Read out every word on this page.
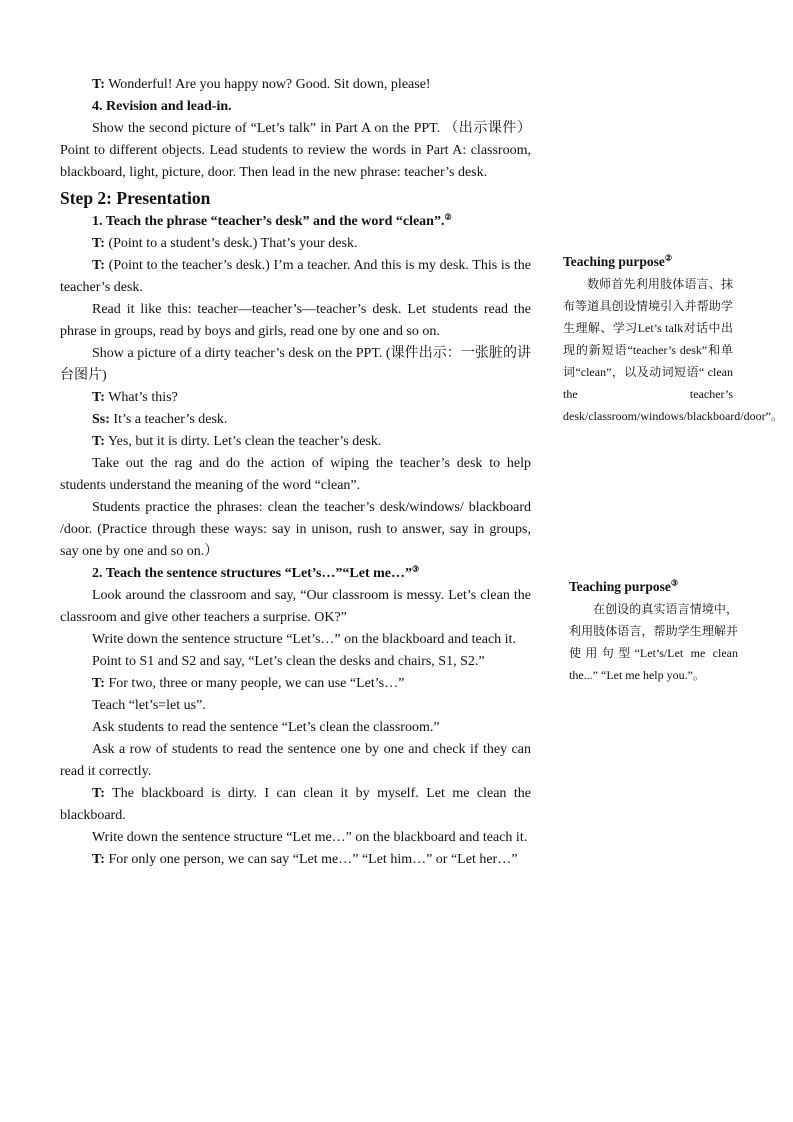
T: Wonderful! Are you happy now? Good. Sit down, please!

4. Revision and lead-in.

Show the second picture of “Let’s talk” in Part A on the PPT. （出示课件） Point to different objects. Lead students to review the words in Part A: classroom, blackboard, light, picture, door. Then lead in the new phrase: teacher’s desk.

Step 2: Presentation

1. Teach the phrase “teacher’s desk” and the word “clean”.②

T: (Point to a student’s desk.) That’s your desk.

T: (Point to the teacher’s desk.) I’m a teacher. And this is my desk. This is the teacher’s desk.

Read it like this: teacher—teacher’s—teacher’s desk. Let students read the phrase in groups, read by boys and girls, read one by one and so on.

Show a picture of a dirty teacher’s desk on the PPT. (课件出示：一张脏的讲台图片)

T: What’s this?

Ss: It’s a teacher’s desk.

T: Yes, but it is dirty. Let’s clean the teacher’s desk.

Take out the rag and do the action of wiping the teacher’s desk to help students understand the meaning of the word “clean”.

Students practice the phrases: clean the teacher’s desk/windows/ blackboard /door. (Practice through these ways: say in unison, rush to answer, say in groups, say one by one and so on.）

2. Teach the sentence structures “Let’s…”“Let me…”③

Look around the classroom and say, “Our classroom is messy. Let’s clean the classroom and give other teachers a surprise. OK?”

Write down the sentence structure “Let’s…” on the blackboard and teach it.

Point to S1 and S2 and say, “Let’s clean the desks and chairs, S1, S2.”

T: For two, three or many people, we can use “Let’s…”

Teach “let’s=let us”.

Ask students to read the sentence “Let’s clean the classroom.”

Ask a row of students to read the sentence one by one and check if they can read it correctly.

T: The blackboard is dirty. I can clean it by myself. Let me clean the blackboard.

Write down the sentence structure “Let me…” on the blackboard and teach it.

T: For only one person, we can say “Let me…” “Let him…” or “Let her…”

Teaching purpose②

数师首先利用肢体语言、抹布等道具创设情境引入并帮助学生理解、学习Let’s talk对话中出现的新短语“teacher’s desk”和单词“clean”，以及动词短语“ clean the teacher’s desk/classroom/windows/blackboard/door”。

Teaching purpose③

在创设的真实语言情境中，利用肢体语言，帮助学生理解并使用句型“Let’s/Let me clean the...” “Let me help you.”。
